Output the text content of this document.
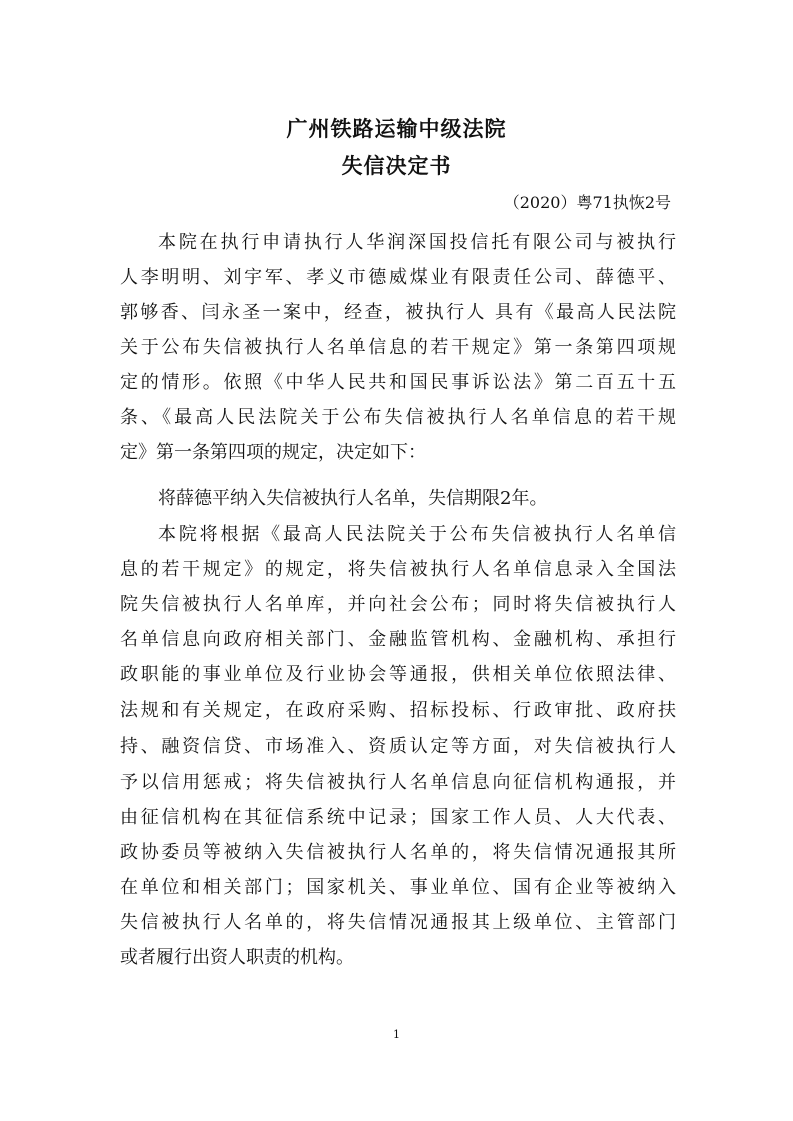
广州铁路运输中级法院
失信决定书
（2020）粤71执恢2号
本院在执行申请执行人华润深国投信托有限公司与被执行
人李明明、刘宇军、孝义市德威煤业有限责任公司、薛德平、
郭够香、闫永圣一案中，经查，被执行人 具有《最高人民法院
关于公布失信被执行人名单信息的若干规定》第一条第四项规
定的情形。依照《中华人民共和国民事诉讼法》第二百五十五
条、《最高人民法院关于公布失信被执行人名单信息的若干规
定》第一条第四项的规定，决定如下：
将薛德平纳入失信被执行人名单，失信期限2年。
本院将根据《最高人民法院关于公布失信被执行人名单信
息的若干规定》的规定，将失信被执行人名单信息录入全国法
院失信被执行人名单库，并向社会公布；同时将失信被执行人
名单信息向政府相关部门、金融监管机构、金融机构、承担行
政职能的事业单位及行业协会等通报，供相关单位依照法律、
法规和有关规定，在政府采购、招标投标、行政审批、政府扶
持、融资信贷、市场准入、资质认定等方面，对失信被执行人
予以信用惩戒；将失信被执行人名单信息向征信机构通报，并
由征信机构在其征信系统中记录；国家工作人员、人大代表、
政协委员等被纳入失信被执行人名单的，将失信情况通报其所
在单位和相关部门；国家机关、事业单位、国有企业等被纳入
失信被执行人名单的，将失信情况通报其上级单位、主管部门
或者履行出资人职责的机构。
1
